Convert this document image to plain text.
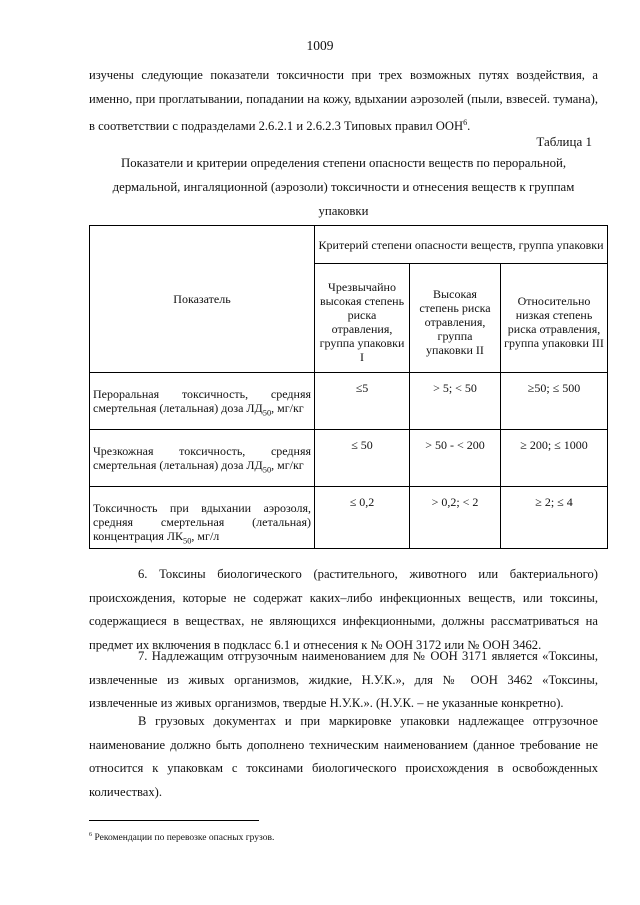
1009

изучены следующие показатели токсичности при трех возможных путях воздействия, а именно, при проглатывании, попадании на кожу, вдыхании аэрозолей (пыли, взвесей. тумана), в соответствии с подразделами 2.6.2.1 и 2.6.2.3 Типовых правил ООН$^6$.

Таблица 1
Показатели и критерии определения степени опасности веществ по пероральной, дермальной, ингаляционной (аэрозоли) токсичности и отнесения веществ к группам упаковки
Показатель	Критерий степени опасности веществ, группа упаковки		
	Чрезвычайно высокая степень риска отравления, группа упаковки I	Высокая степень риска отравления, группа упаковки II	Относительно низкая степень риска отравления, группа упаковки III
Пероральная токсичность, средняя смертельная (летальная) доза $ЛД_{50}$, мг/кг	≤5	> 5; < 50	≥50; ≤ 500
Чрезкожная токсичность, средняя смертельная (летальная) доза $ЛД_{50}$, мг/кг	≤ 50	> 50 - < 200	≥ 200; ≤ 1000
Токсичность при вдыхании аэрозоля, средняя смертельная (летальная) концентрация $ЛК_{50}$, мг/л	≤ 0,2	> 0,2; < 2	≥ 2; ≤ 4

6. Токсины биологического (растительного, животного или бактериального) происхождения, которые не содержат каких–либо инфекционных веществ, или токсины, содержащиеся в веществах, не являющихся инфекционными, должны рассматриваться на предмет их включения в подкласс 6.1 и отнесения к № ООН 3172 или № ООН 3462.

7. Надлежащим отгрузочным наименованием для № ООН 3171 является «Токсины, извлеченные из живых организмов, жидкие, Н.У.К.», для № ООН 3462 «Токсины, извлеченные из живых организмов, твердые Н.У.К.». (Н.У.К. – не указанные конкретно).

В грузовых документах и при маркировке упаковки надлежащее отгрузочное наименование должно быть дополнено техническим наименованием (данное требование не относится к упаковкам с токсинами биологического происхождения в освобожденных количествах).

$^6$ Рекомендации по перевозке опасных грузов.
